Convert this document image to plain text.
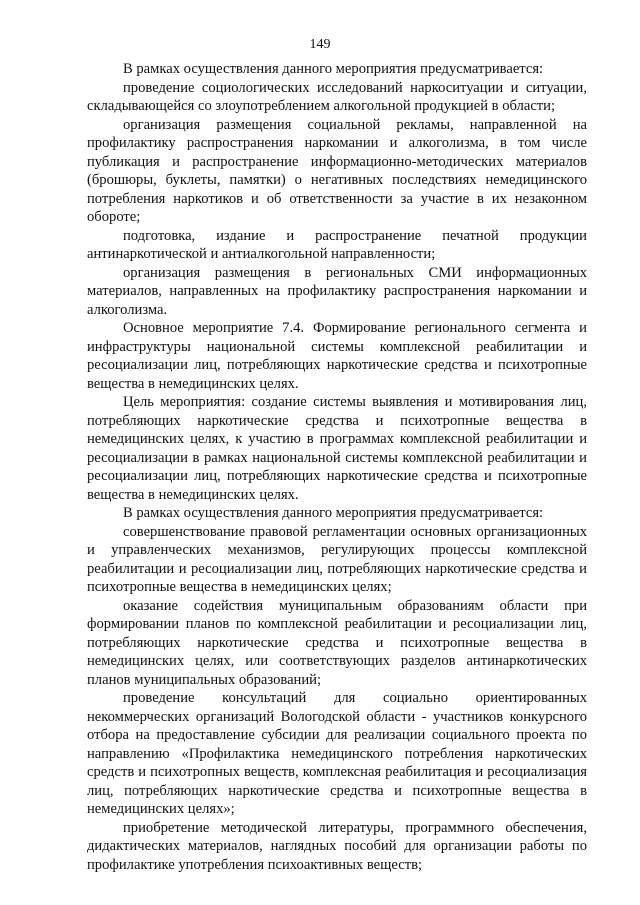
149

В рамках осуществления данного мероприятия предусматривается:

проведение социологических исследований наркоситуации и ситуации, складывающейся со злоупотреблением алкогольной продукцией в области;

организация размещения социальной рекламы, направленной на профилактику распространения наркомании и алкоголизма, в том числе публикация и распространение информационно-методических материалов (брошюры, буклеты, памятки) о негативных последствиях немедицинского потребления наркотиков и об ответственности за участие в их незаконном обороте;

подготовка, издание и распространение печатной продукции антинаркотической и антиалкогольной направленности;

организация размещения в региональных СМИ информационных материалов, направленных на профилактику распространения наркомании и алкоголизма.

Основное мероприятие 7.4. Формирование регионального сегмента и инфраструктуры национальной системы комплексной реабилитации и ресоциализации лиц, потребляющих наркотические средства и психотропные вещества в немедицинских целях.

Цель мероприятия: создание системы выявления и мотивирования лиц, потребляющих наркотические средства и психотропные вещества в немедицинских целях, к участию в программах комплексной реабилитации и ресоциализации в рамках национальной системы комплексной реабилитации и ресоциализации лиц, потребляющих наркотические средства и психотропные вещества в немедицинских целях.

В рамках осуществления данного мероприятия предусматривается:

совершенствование правовой регламентации основных организационных и управленческих механизмов, регулирующих процессы комплексной реабилитации и ресоциализации лиц, потребляющих наркотические средства и психотропные вещества в немедицинских целях;

оказание содействия муниципальным образованиям области при формировании планов по комплексной реабилитации и ресоциализации лиц, потребляющих наркотические средства и психотропные вещества в немедицинских целях, или соответствующих разделов антинаркотических планов муниципальных образований;

проведение консультаций для социально ориентированных некоммерческих организаций Вологодской области - участников конкурсного отбора на предоставление субсидии для реализации социального проекта по направлению «Профилактика немедицинского потребления наркотических средств и психотропных веществ, комплексная реабилитация и ресоциализация лиц, потребляющих наркотические средства и психотропные вещества в немедицинских целях»;

приобретение методической литературы, программного обеспечения, дидактических материалов, наглядных пособий для организации работы по профилактике употребления психоактивных веществ;
